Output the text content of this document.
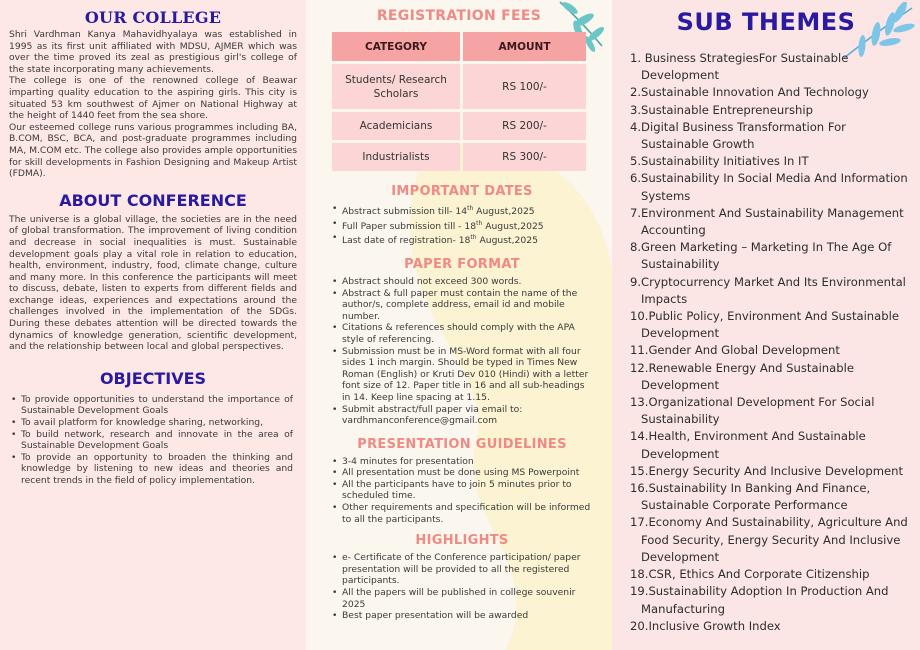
OUR COLLEGE

Shri Vardhman Kanya Mahavidhyalaya was established in 1995 as its first unit affiliated with MDSU, AJMER which was over the time proved its zeal as prestigious girl's college of the state incorporating many achievements.

The college is one of the renowned college of Beawar imparting quality education to the aspiring girls. This city is situated 53 km southwest of Ajmer on National Highway at the height of 1440 feet from the sea shore.

Our esteemed college runs various programmes including BA, B.COM, BSC, BCA, and post-graduate programmes including MA, M.COM etc. The college also provides ample opportunities for skill developments in Fashion Designing and Makeup Artist (FDMA).

ABOUT CONFERENCE

The universe is a global village, the societies are in the need of global transformation. The improvement of living condition and decrease in social inequalities is must. Sustainable development goals play a vital role in relation to education, health, environment, industry, food, climate change, culture and many more. In this conference the participants will meet to discuss, debate, listen to experts from different fields and exchange ideas, experiences and expectations around the challenges involved in the implementation of the SDGs. During these debates attention will be directed towards the dynamics of knowledge generation, scientific development, and the relationship between local and global perspectives.

OBJECTIVES
• To provide opportunities to understand the importance of Sustainable Development Goals
• To avail platform for knowledge sharing, networking,
• To build network, research and innovate in the area of Sustainable Development Goals
• To provide an opportunity to broaden the thinking and knowledge by listening to new ideas and theories and recent trends in the field of policy implementation.
REGISTRATION FEES
CATEGORY	AMOUNT
Students/ Research Scholars	RS 100/-
Academicians	RS 200/-
Industrialists	RS 300/-
IMPORTANT DATES
• Abstract submission till- 14th August,2025
• Full Paper submission till - 18th August,2025
• Last date of registration- 18th August,2025
PAPER FORMAT
• Abstract should not exceed 300 words.
• Abstract & full paper must contain the name of the author/s, complete address, email id and mobile number.
• Citations & references should comply with the APA style of referencing.
• Submission must be in MS-Word format with all four sides 1 inch margin. Should be typed in Times New Roman (English) or Kruti Dev 010 (Hindi) with a letter font size of 12. Paper title in 16 and all sub-headings in 14. Keep line spacing at 1.15.
• Submit abstract/full paper via email to: vardhmanconference@gmail.com
PRESENTATION GUIDELINES
• 3-4 minutes for presentation
• All presentation must be done using MS Powerpoint
• All the participants have to join 5 minutes prior to scheduled time.
• Other requirements and specification will be informed to all the participants.
HIGHLIGHTS
• e- Certificate of the Conference participation/ paper presentation will be provided to all the registered participants.
• All the papers will be published in college souvenir 2025
• Best paper presentation will be awarded
SUB THEMES
1. Business StrategiesFor Sustainable Development
2.Sustainable Innovation And Technology
3.Sustainable Entrepreneurship
4.Digital Business Transformation For Sustainable Growth
5.Sustainability Initiatives In IT
6.Sustainability In Social Media And Information Systems
7.Environment And Sustainability Management Accounting
8.Green Marketing – Marketing In The Age Of Sustainability
9.Cryptocurrency Market And Its Environmental Impacts
10.Public Policy, Environment And Sustainable Development
11.Gender And Global Development
12.Renewable Energy And Sustainable Development
13.Organizational Development For Social Sustainability
14.Health, Environment And Sustainable Development
15.Energy Security And Inclusive Development
16.Sustainability In Banking And Finance, Sustainable Corporate Performance
17.Economy And Sustainability, Agriculture And Food Security, Energy Security And Inclusive Development
18.CSR, Ethics And Corporate Citizenship
19.Sustainability Adoption In Production And Manufacturing
20.Inclusive Growth Index
